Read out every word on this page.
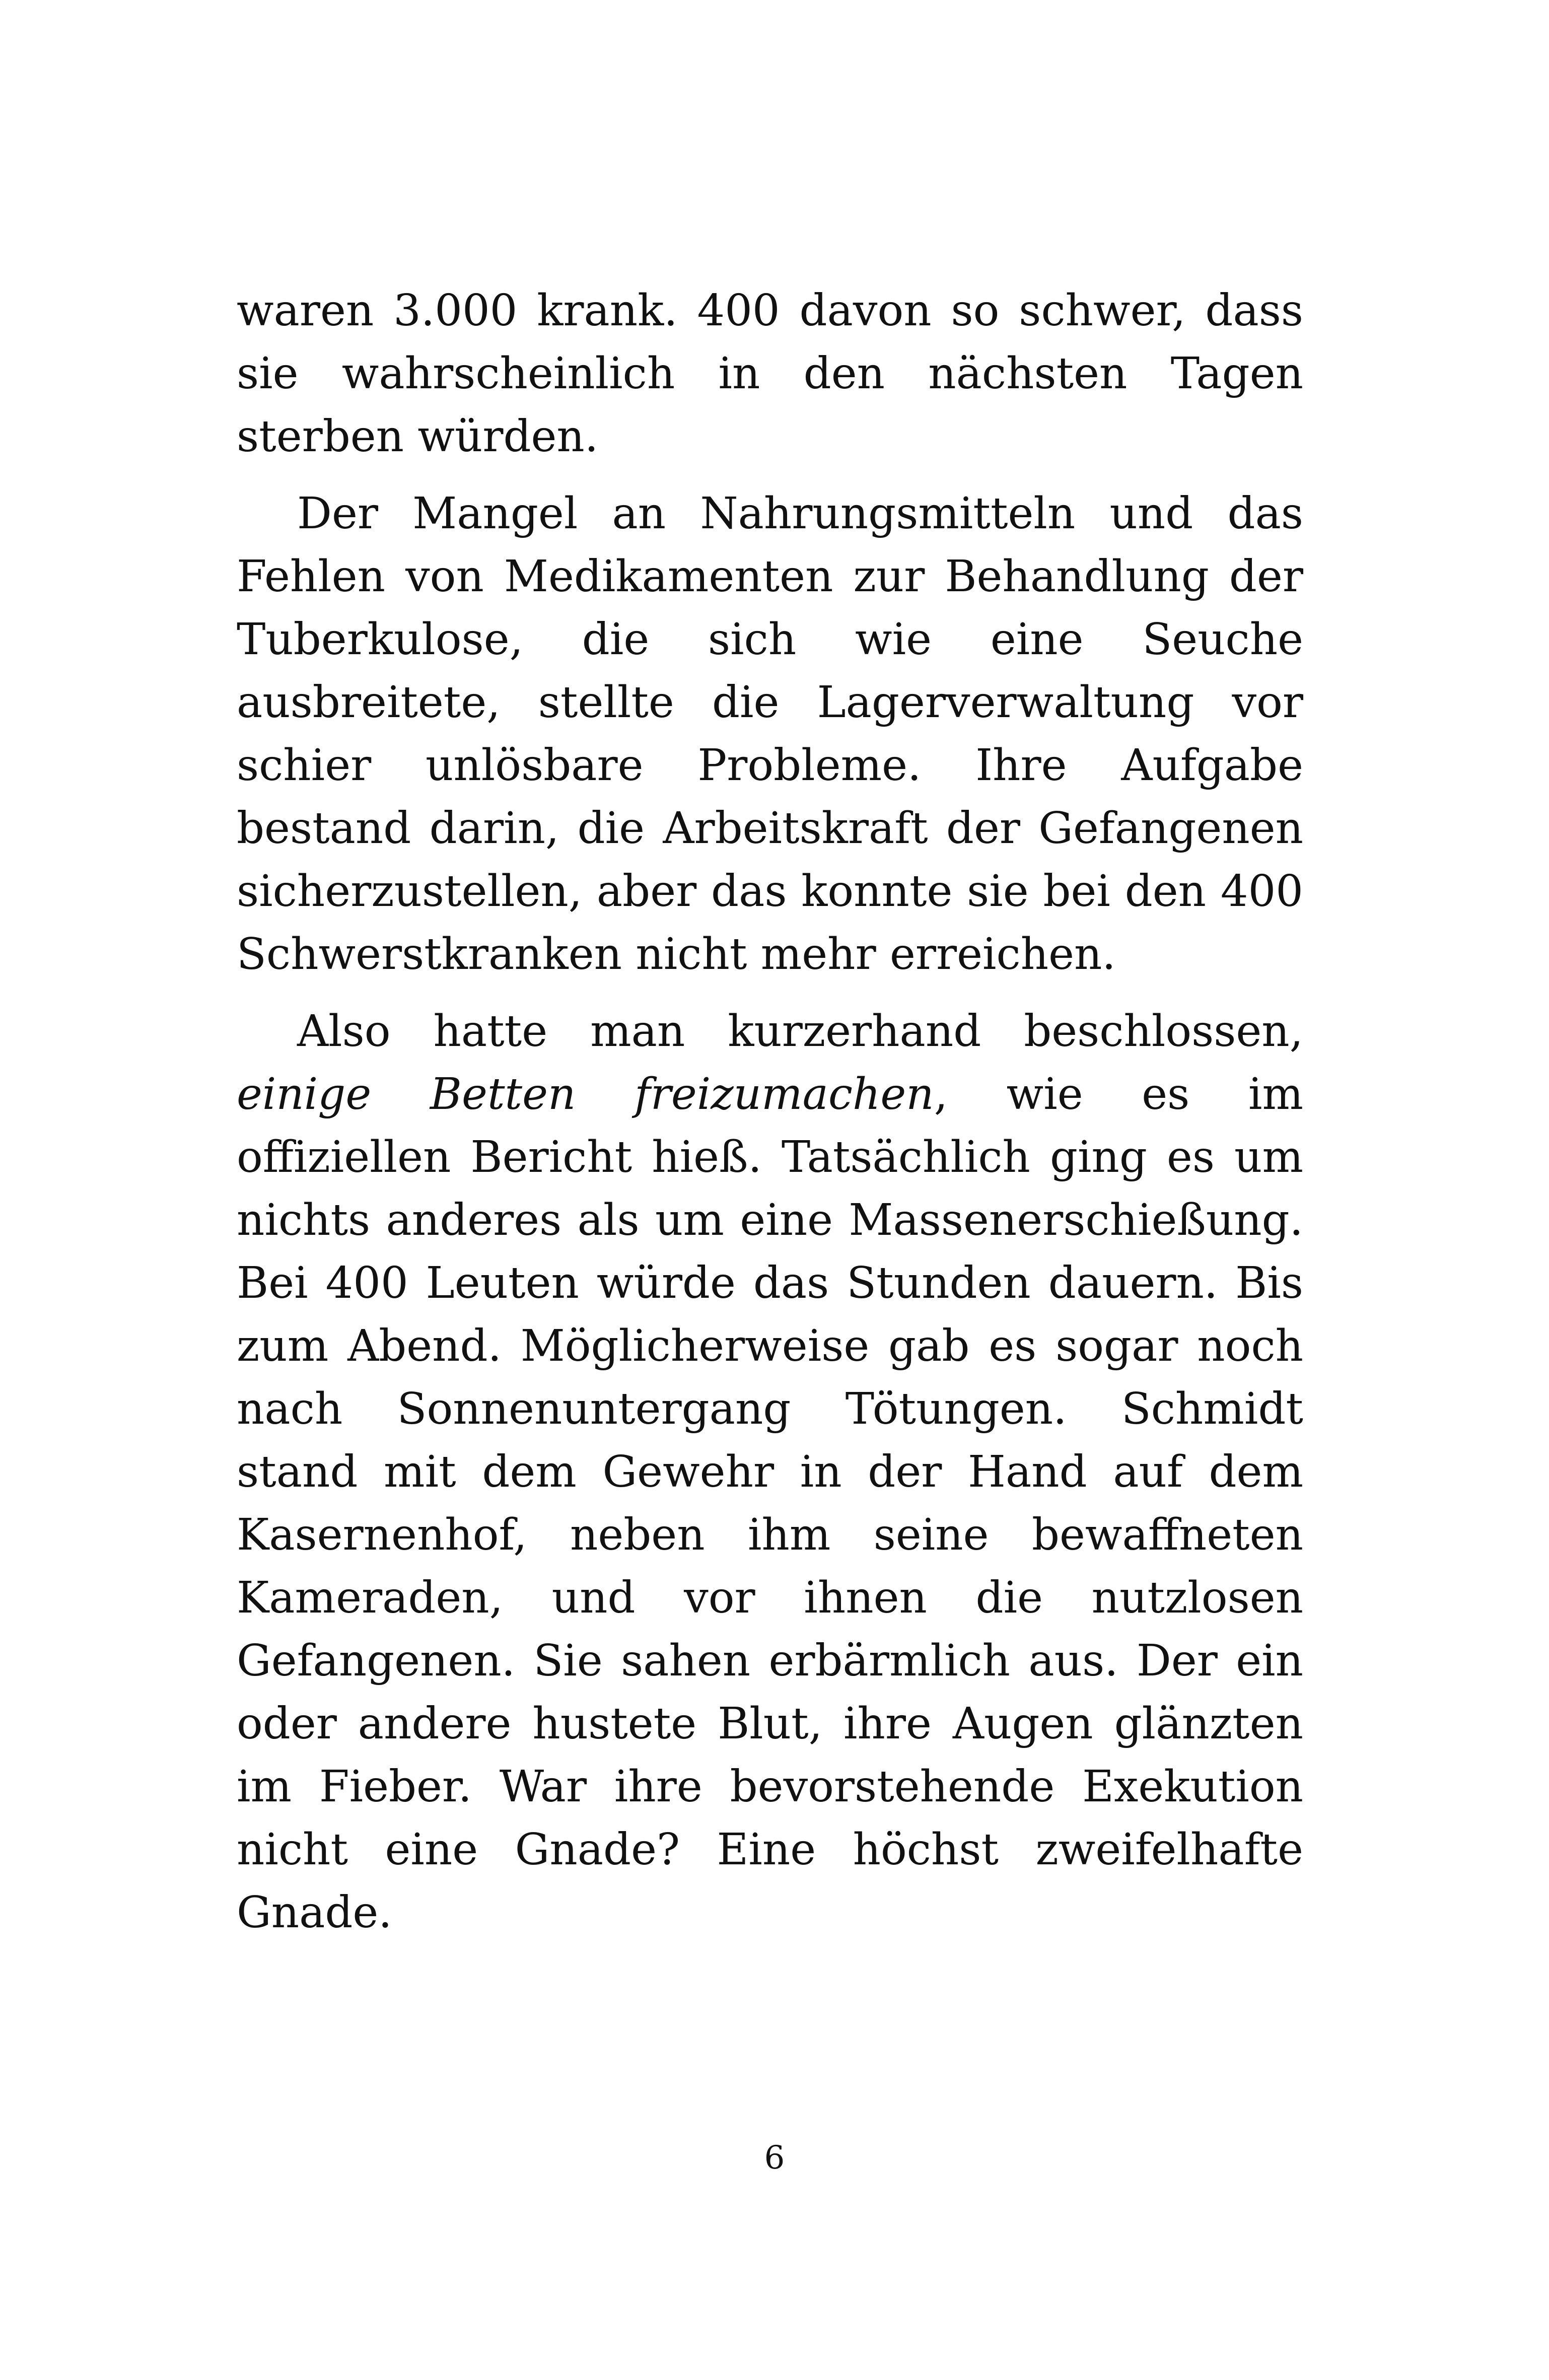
waren 3.000 krank. 400 davon so schwer, dass sie wahrscheinlich in den nächsten Tagen sterben würden.

Der Mangel an Nahrungsmitteln und das Fehlen von Medikamenten zur Behandlung der Tuberkulose, die sich wie eine Seuche ausbreitete, stellte die Lagerverwaltung vor schier unlösbare Probleme. Ihre Aufgabe bestand darin, die Arbeitskraft der Gefangenen sicherzustellen, aber das konnte sie bei den 400 Schwerstkranken nicht mehr erreichen.

Also hatte man kurzerhand beschlossen, einige Betten freizumachen, wie es im offiziellen Bericht hieß. Tatsächlich ging es um nichts anderes als um eine Massenerschießung. Bei 400 Leuten würde das Stunden dauern. Bis zum Abend. Möglicherweise gab es sogar noch nach Sonnenuntergang Tötungen. Schmidt stand mit dem Gewehr in der Hand auf dem Kasernenhof, neben ihm seine bewaffneten Kameraden, und vor ihnen die nutzlosen Gefangenen. Sie sahen erbärmlich aus. Der ein oder andere hustete Blut, ihre Augen glänzten im Fieber. War ihre bevorstehende Exekution nicht eine Gnade? Eine höchst zweifelhafte Gnade.

6
